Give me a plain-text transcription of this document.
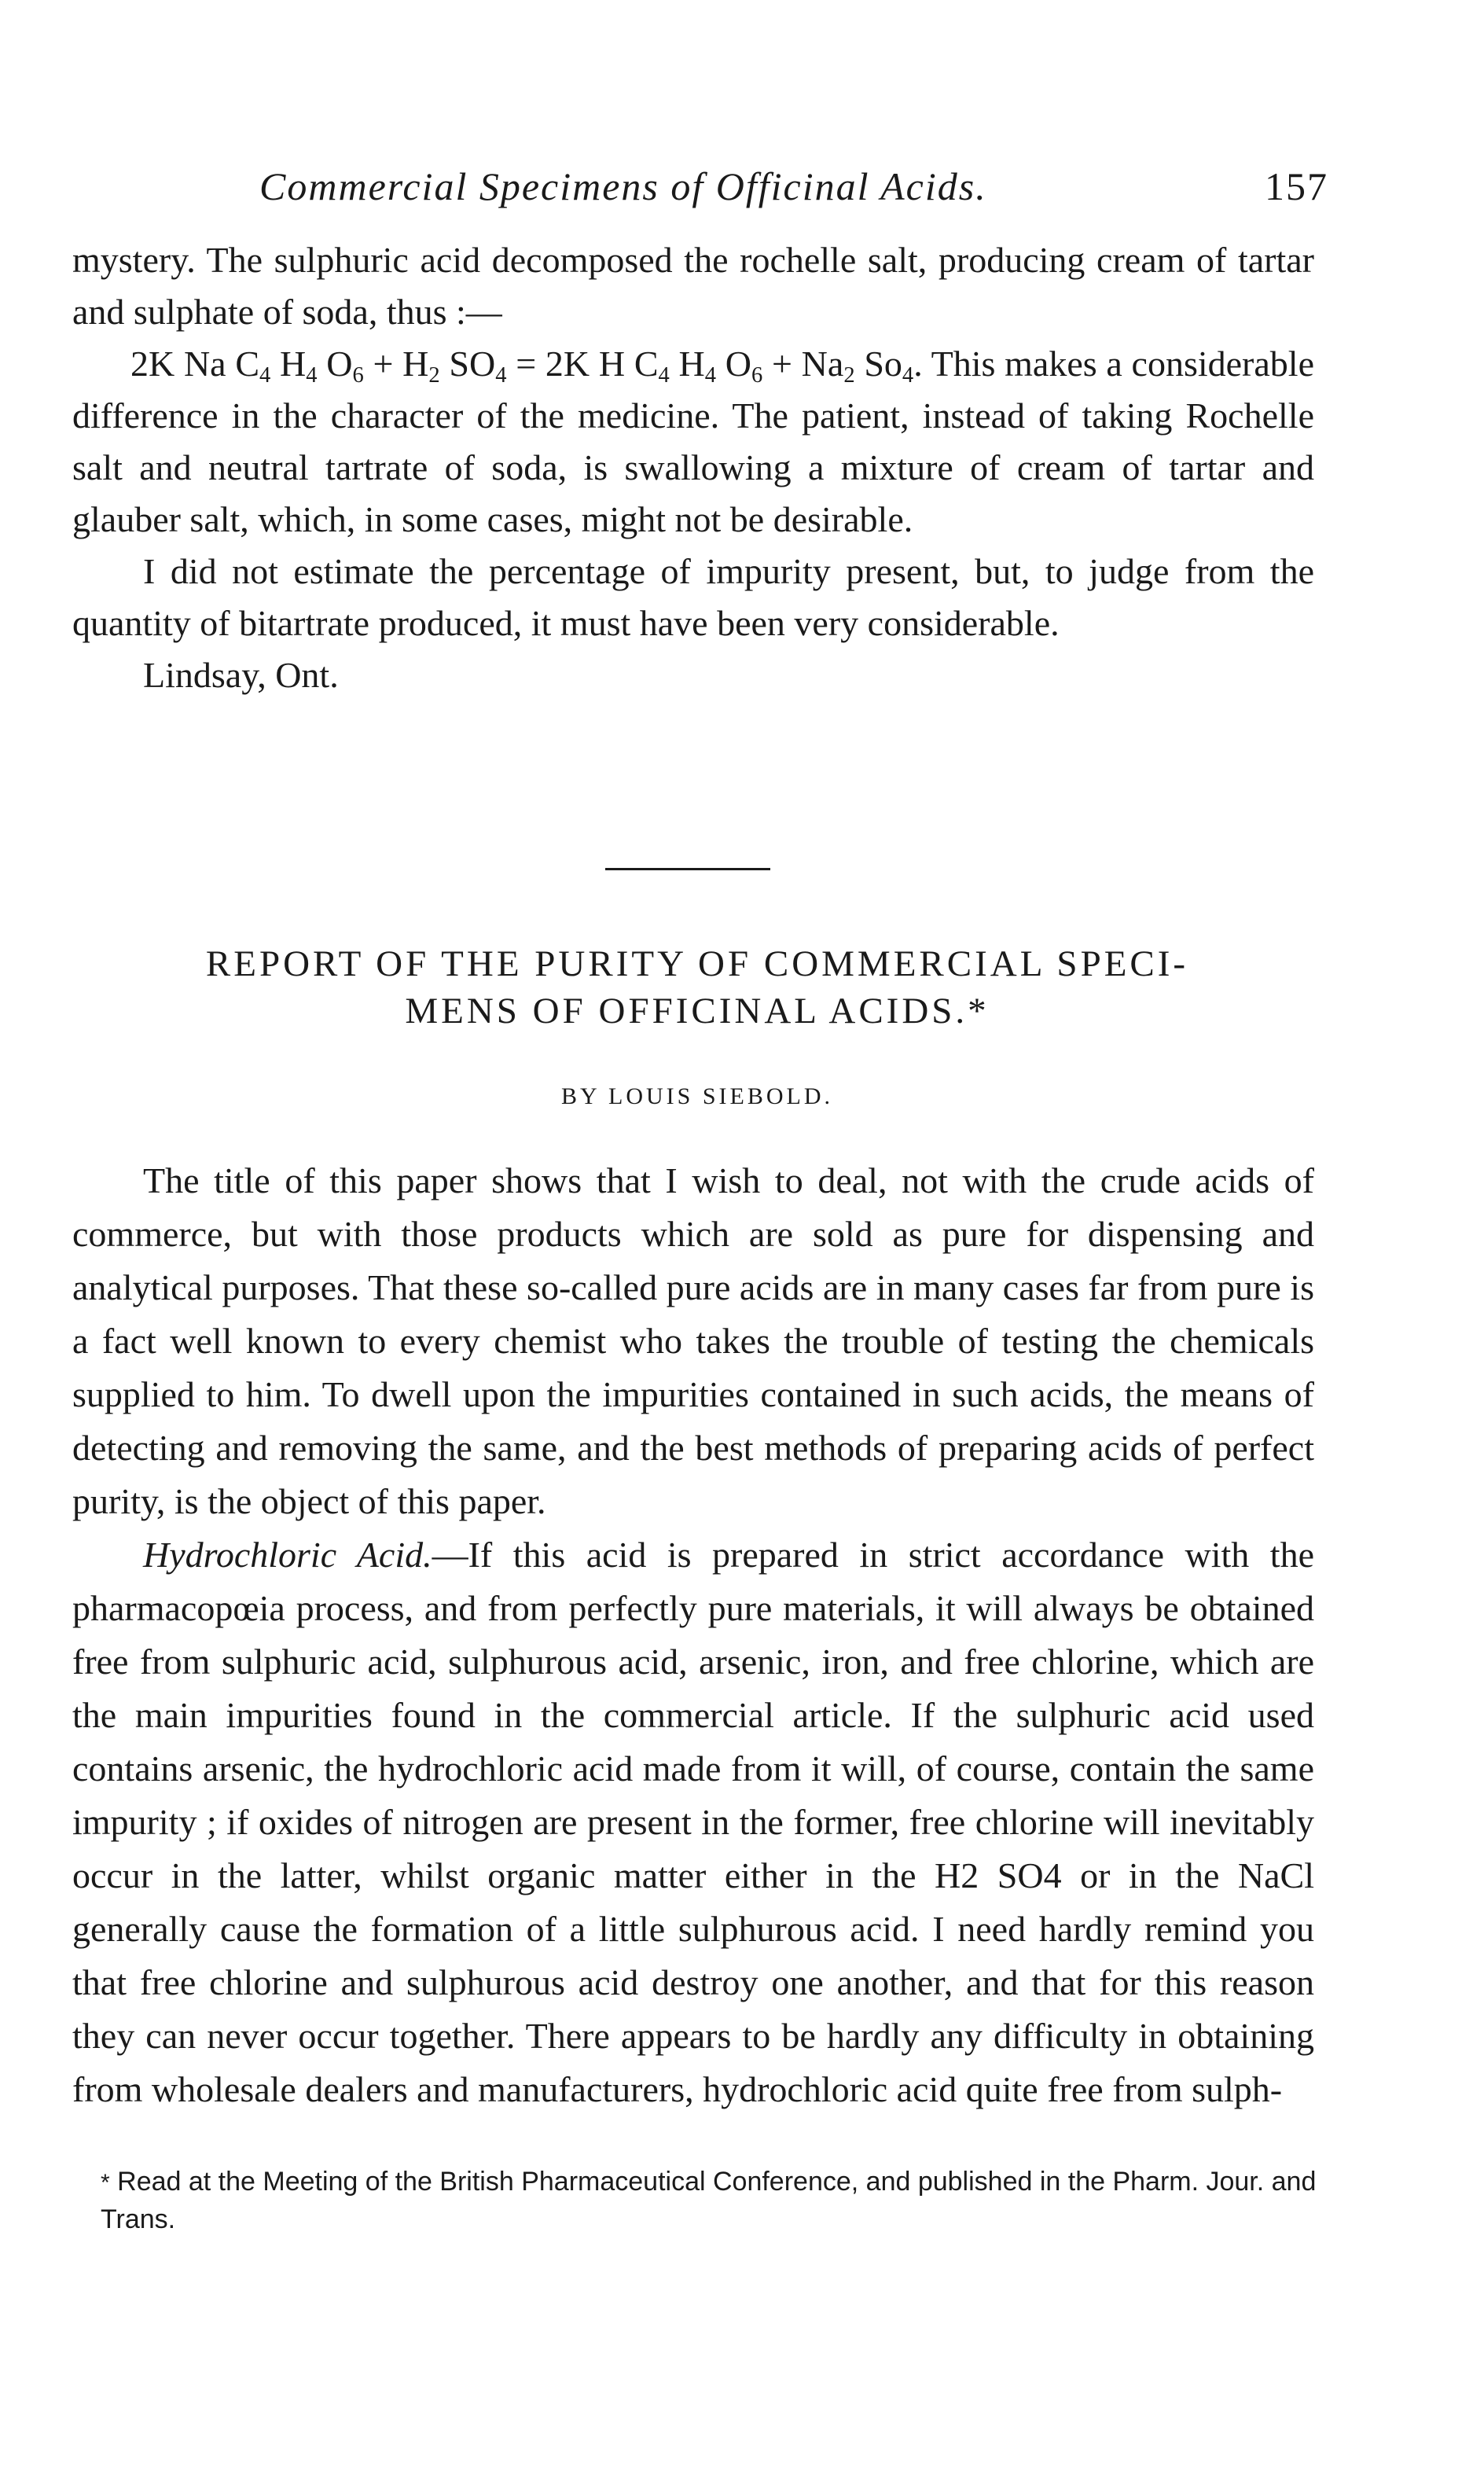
Commercial Specimens of Officinal Acids.	157

mystery. The sulphuric acid decomposed the rochelle salt, producing cream of tartar and sulphate of soda, thus :—

2K Na $C_4$ $H_4$ $O_6 + H_2$ $SO_4 = 2K$ H $C_4$ $H_4$ $O_6 + Na_2$ $So_4$. This makes a considerable difference in the character of the medicine. The patient, instead of taking Rochelle salt and neutral tartrate of soda, is swallowing a mixture of cream of tartar and glauber salt, which, in some cases, might not be desirable.

I did not estimate the percentage of impurity present, but, to judge from the quantity of bitartrate produced, it must have been very considerable.

Lindsay, Ont.

REPORT OF THE PURITY OF COMMERCIAL SPECI-
MENS OF OFFICINAL ACIDS.*
BY LOUIS SIEBOLD.

The title of this paper shows that I wish to deal, not with the crude acids of commerce, but with those products which are sold as pure for dispensing and analytical purposes. That these so-called pure acids are in many cases far from pure is a fact well known to every chemist who takes the trouble of testing the chemicals supplied to him. To dwell upon the impurities contained in such acids, the means of detecting and removing the same, and the best methods of preparing acids of perfect purity, is the object of this paper.

Hydrochloric Acid.—If this acid is prepared in strict accordance with the pharmacopœia process, and from perfectly pure materials, it will always be obtained free from sulphuric acid, sulphurous acid, arsenic, iron, and free chlorine, which are the main impurities found in the commercial article. If the sulphuric acid used contains arsenic, the hydrochloric acid made from it will, of course, contain the same impurity ; if oxides of nitrogen are present in the former, free chlorine will inevitably occur in the latter, whilst organic matter either in the H2 SO4 or in the NaCl generally cause the formation of a little sulphurous acid. I need hardly remind you that free chlorine and sulphurous acid destroy one another, and that for this reason they can never occur together. There appears to be hardly any difficulty in obtaining from wholesale dealers and manufacturers, hydrochloric acid quite free from sulph-

* Read at the Meeting of the British Pharmaceutical Conference, and published in the Pharm. Jour. and Trans.
